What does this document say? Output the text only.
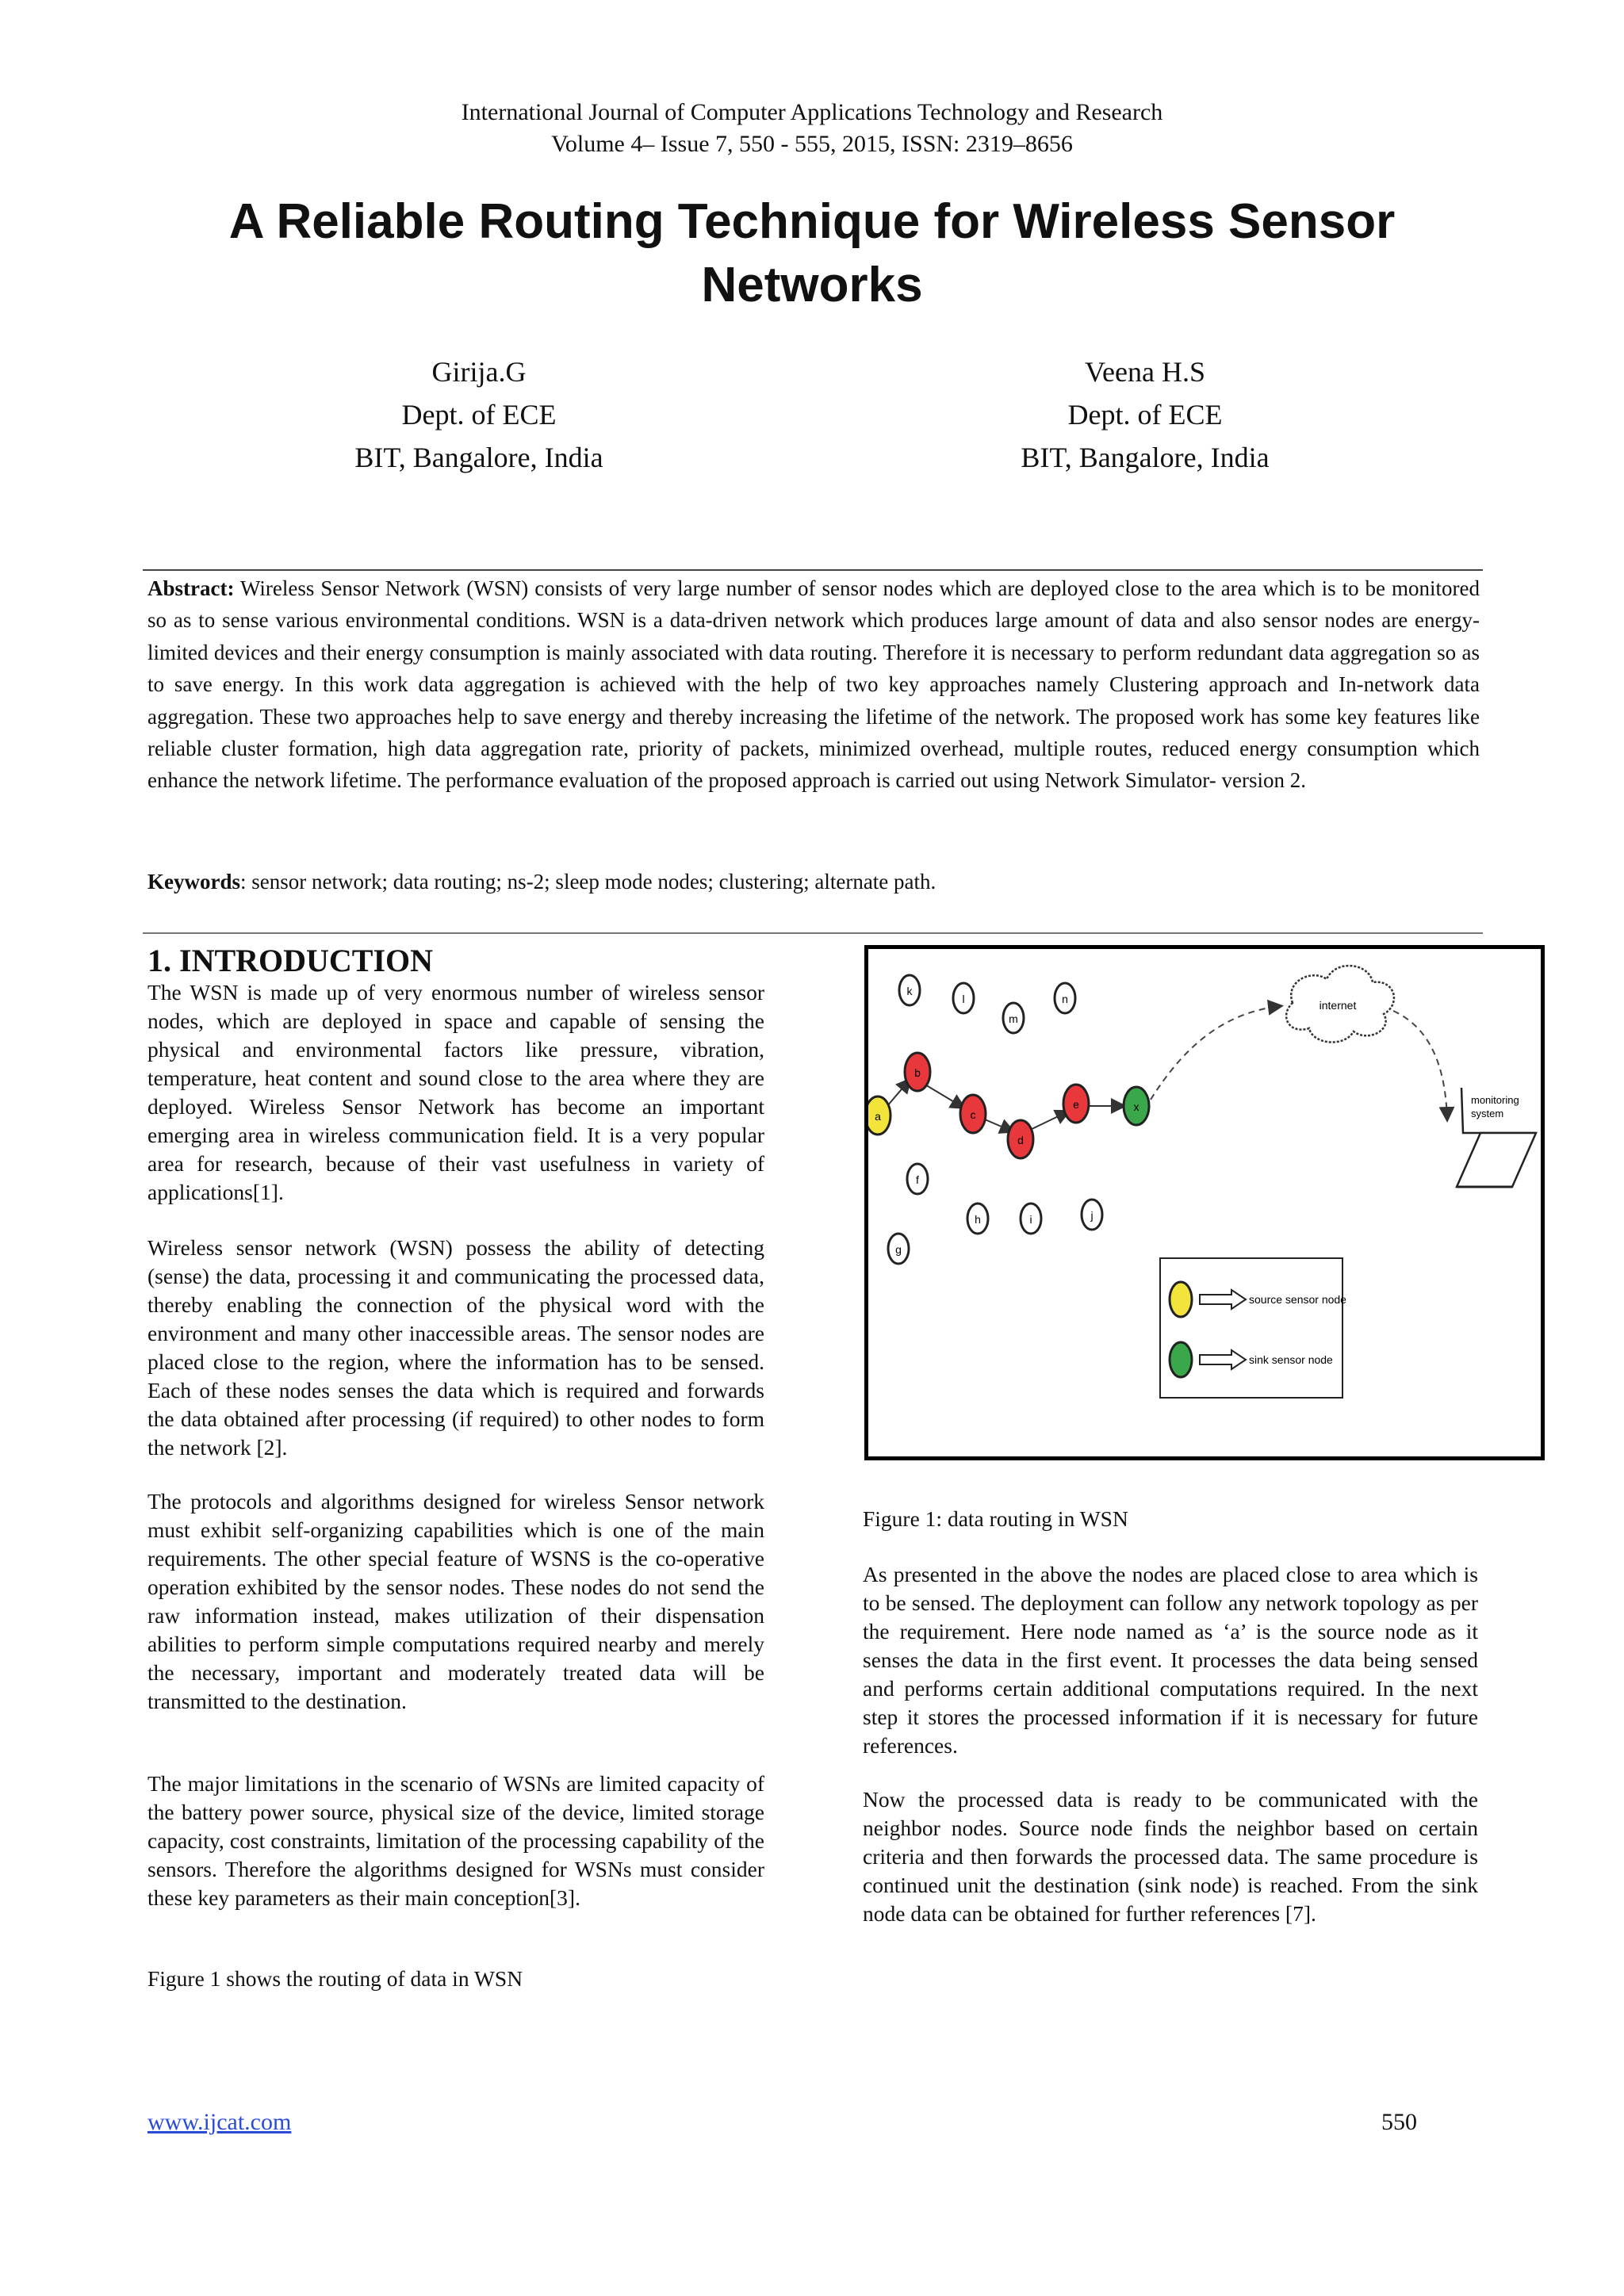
International Journal of Computer Applications Technology and Research
Volume 4– Issue 7, 550 - 555, 2015, ISSN: 2319–8656
A Reliable Routing Technique for Wireless Sensor
Networks
Girija.G
Dept. of ECE
BIT, Bangalore, India
Veena H.S
Dept. of ECE
BIT, Bangalore, India
Abstract: Wireless Sensor Network (WSN) consists of very large number of sensor nodes which are deployed close to the area which is to be monitored so as to sense various environmental conditions. WSN is a data-driven network which produces large amount of data and also sensor nodes are energy-limited devices and their energy consumption is mainly associated with data routing. Therefore it is necessary to perform redundant data aggregation so as to save energy. In this work data aggregation is achieved with the help of two key approaches namely Clustering approach and In-network data aggregation. These two approaches help to save energy and thereby increasing the lifetime of the network. The proposed work has some key features like reliable cluster formation, high data aggregation rate, priority of packets, minimized overhead, multiple routes, reduced energy consumption which enhance the network lifetime. The performance evaluation of the proposed approach is carried out using Network Simulator- version 2.
Keywords: sensor network; data routing; ns-2; sleep mode nodes; clustering; alternate path.
1. INTRODUCTION
The WSN is made up of very enormous number of wireless sensor nodes, which are deployed in space and capable of sensing the physical and environmental factors like pressure, vibration, temperature, heat content and sound close to the area where they are deployed. Wireless Sensor Network has become an important emerging area in wireless communication field. It is a very popular area for research, because of their vast usefulness in variety of applications[1].
Wireless sensor network (WSN) possess the ability of detecting (sense) the data, processing it and communicating the processed data, thereby enabling the connection of the physical word with the environment and many other inaccessible areas. The sensor nodes are placed close to the region, where the information has to be sensed. Each of these nodes senses the data which is required and forwards the data obtained after processing (if required) to other nodes to form the network [2].
The protocols and algorithms designed for wireless Sensor network must exhibit self-organizing capabilities which is one of the main requirements. The other special feature of WSNS is the co-operative operation exhibited by the sensor nodes. These nodes do not send the raw information instead, makes utilization of their dispensation abilities to perform simple computations required nearby and merely the necessary, important and moderately treated data will be transmitted to the destination.
The major limitations in the scenario of WSNs are limited capacity of the battery power source, physical size of the device, limited storage capacity, cost constraints, limitation of the processing capability of the sensors. Therefore the algorithms designed for WSNs must consider these key parameters as their main conception[3].
Figure 1 shows the routing of data in WSN
k
l
m
n
f
g
h	i	j
a
b
c
d
e	x
internet
monitoring
system
source sensor node
sink sensor node
Figure 1: data routing in WSN
As presented in the above the nodes are placed close to area which is to be sensed. The deployment can follow any network topology as per the requirement. Here node named as ‘a’ is the source node as it senses the data in the first event. It processes the data being sensed and performs certain additional computations required. In the next step it stores the processed information if it is necessary for future references.
Now the processed data is ready to be communicated with the neighbor nodes. Source node finds the neighbor based on certain criteria and then forwards the processed data. The same procedure is continued unit the destination (sink node) is reached. From the sink node data can be obtained for further references [7].
www.ijcat.com	550
